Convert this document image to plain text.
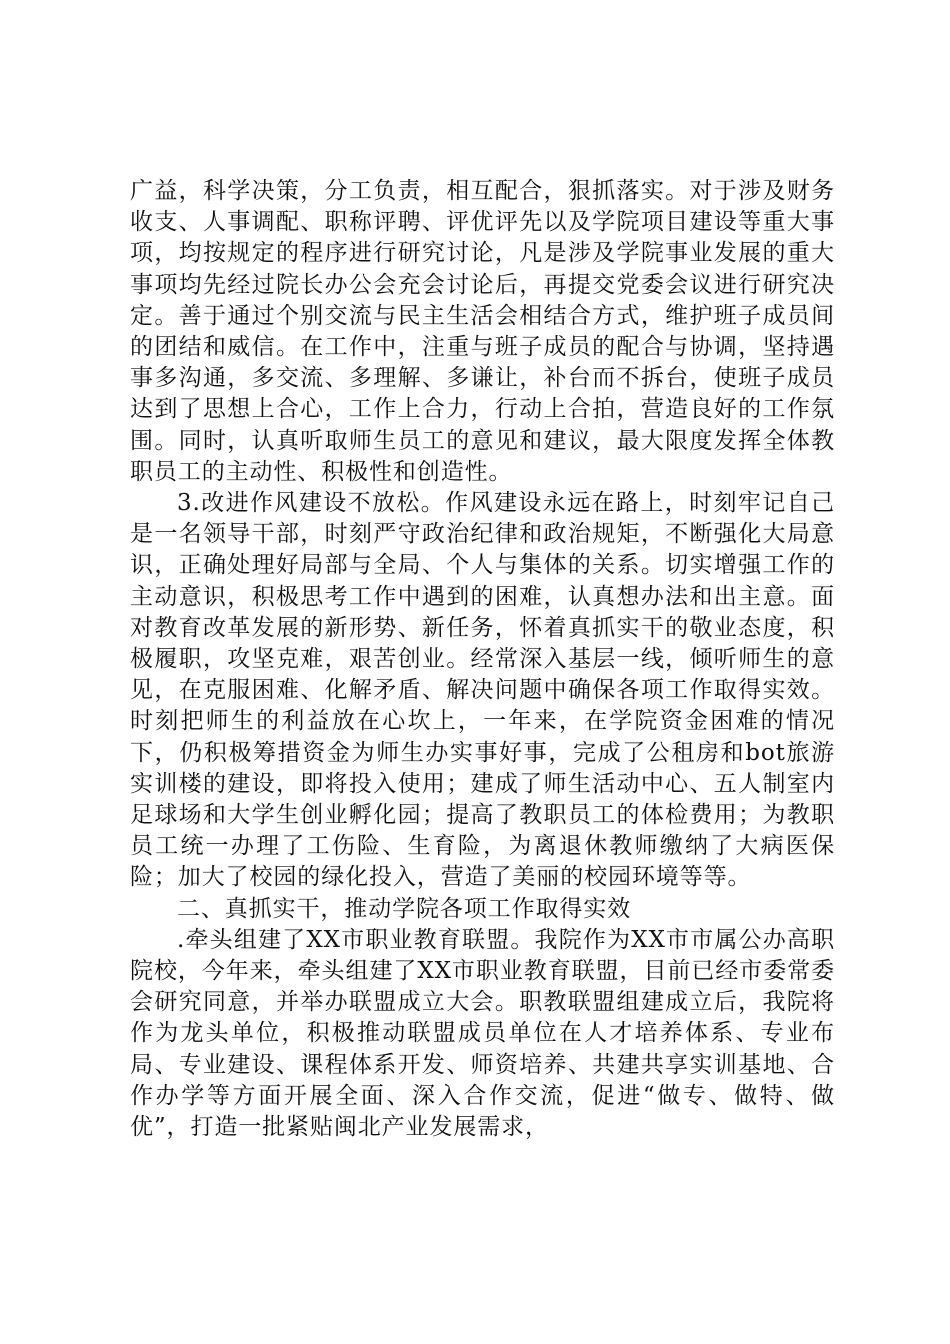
广益，科学决策，分工负责，相互配合，狠抓落实。对于涉及财务收支、人事调配、职称评聘、评优评先以及学院项目建设等重大事项，均按规定的程序进行研究讨论，凡是涉及学院事业发展的重大事项均先经过院长办公会充会讨论后，再提交党委会议进行研究决定。善于通过个别交流与民主生活会相结合方式，维护班子成员间的团结和威信。在工作中，注重与班子成员的配合与协调，坚持遇事多沟通，多交流、多理解、多谦让，补台而不拆台，使班子成员达到了思想上合心，工作上合力，行动上合拍，营造良好的工作氛围。同时，认真听取师生员工的意见和建议，最大限度发挥全体教职员工的主动性、积极性和创造性。

3.改进作风建设不放松。作风建设永远在路上，时刻牢记自己是一名领导干部，时刻严守政治纪律和政治规矩，不断强化大局意识，正确处理好局部与全局、个人与集体的关系。切实增强工作的主动意识，积极思考工作中遇到的困难，认真想办法和出主意。面对教育改革发展的新形势、新任务，怀着真抓实干的敬业态度，积极履职，攻坚克难，艰苦创业。经常深入基层一线，倾听师生的意见，在克服困难、化解矛盾、解决问题中确保各项工作取得实效。时刻把师生的利益放在心坎上，一年来，在学院资金困难的情况下，仍积极筹措资金为师生办实事好事，完成了公租房和bot旅游实训楼的建设，即将投入使用；建成了师生活动中心、五人制室内足球场和大学生创业孵化园；提高了教职员工的体检费用；为教职员工统一办理了工伤险、生育险，为离退休教师缴纳了大病医保险；加大了校园的绿化投入，营造了美丽的校园环境等等。

二、真抓实干，推动学院各项工作取得实效

.牵头组建了XX市职业教育联盟。我院作为XX市市属公办高职院校，今年来，牵头组建了XX市职业教育联盟，目前已经市委常委会研究同意，并举办联盟成立大会。职教联盟组建成立后，我院将作为龙头单位，积极推动联盟成员单位在人才培养体系、专业布局、专业建设、课程体系开发、师资培养、共建共享实训基地、合作办学等方面开展全面、深入合作交流，促进“做专、做特、做优”，打造一批紧贴闽北产业发展需求，
